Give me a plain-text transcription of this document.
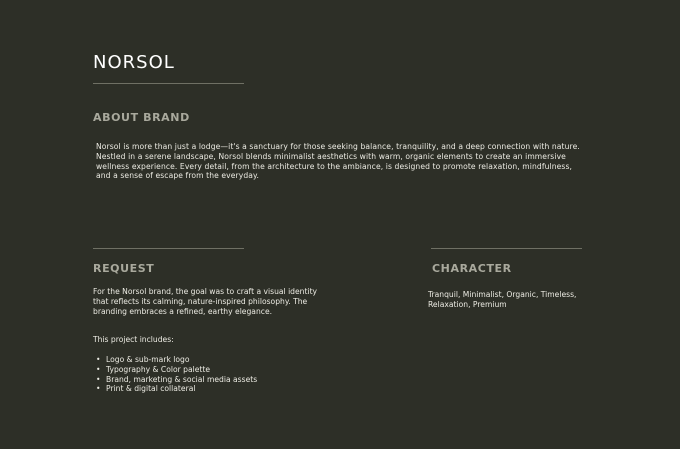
NORSOL
ABOUT BRAND

Norsol is more than just a lodge—it's a sanctuary for those seeking balance, tranquility, and a deep connection with nature. Nestled in a serene landscape, Norsol blends minimalist aesthetics with warm, organic elements to create an immersive wellness experience. Every detail, from the architecture to the ambiance, is designed to promote relaxation, mindfulness, and a sense of escape from the everyday.

REQUEST

For the Norsol brand, the goal was to craft a visual identity that reflects its calming, nature-inspired philosophy. The branding embraces a refined, earthy elegance.

This project includes:

• Logo & sub-mark logo
• Typography & Color palette
• Brand, marketing & social media assets
• Print & digital collateral
CHARACTER

Tranquil, Minimalist, Organic, Timeless, Relaxation, Premium
